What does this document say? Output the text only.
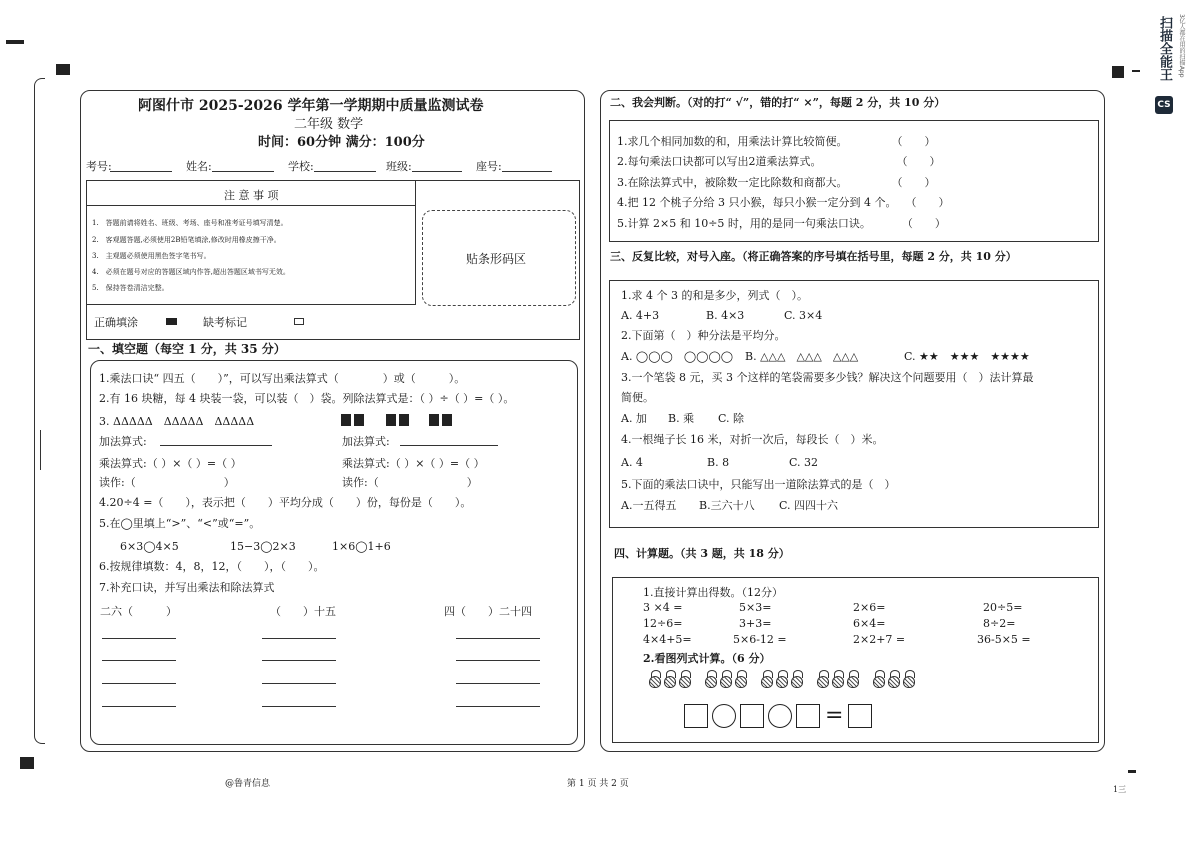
阿图什市 2025-2026 学年第一学期期中质量监测试卷
二年级 数学
时间：60分钟 满分：100分
考号:	姓名:	学校:	班级:	座号:
注 意 事 项
1.　答题前请将姓名、班级、考场、座号和准考证号填写清楚。
2.　客观题答题,必须使用2B铅笔填涂,修改时用橡皮擦干净。
3.　主观题必须使用黑色签字笔书写。
4.　必须在题号对应的答题区域内作答,超出答题区域书写无效。
5.　保持答卷清洁完整。
正确填涂	缺考标记
贴条形码区
一、填空题（每空 1 分，共 35 分）
1.乘法口诀“ 四五（　　）”，可以写出乘法算式（　　　　）或（　　　）。
2.有 16 块糖，每 4 块装一袋，可以装（　）袋。列除法算式是：（ ）÷（ ）=（ ）。
3. ΔΔΔΔΔ　ΔΔΔΔΔ　ΔΔΔΔΔ
加法算式:	加法算式:
乘法算式:（ ）×（ ）=（ ）	乘法算式:（ ）×（ ）=（ ）
读作:（　　　　　　　　）	读作:（　　　　　　　　）
4.20÷4 =（　　），表示把（　　）平均分成（　　）份，每份是（　　）。
5.在◯里填上“>”、“<”或“=”。
6×3◯4×5	15−3◯2×3	1×6◯1+6
6.按规律填数：4，8，12，（　　），（　　）。
7.补充口诀，并写出乘法和除法算式
二六（　　　）	（　　）十五	四（　　）二十四
二、我会判断。（对的打“ √”，错的打“ ×”，每题 2 分，共 10 分）
1.求几个相同加数的和，用乘法计算比较简便。　　　　　（　　）
2.每句乘法口诀都可以写出2道乘法算式。　　　　　　　 （　　）
3.在除法算式中，被除数一定比除数和商都大。　　　　　（　　）
4.把 12 个桃子分给 3 只小猴，每只小猴一定分到 4 个。　 （　　）
5.计算 2×5 和 10÷5 时，用的是同一句乘法口诀。　　　 （　　）
三、反复比较，对号入座。（将正确答案的序号填在括号里，每题 2 分，共 10 分）
1.求 4 个 3 的和是多少，列式（　）。
A. 4+3	B. 4×3	C. 3×4
2.下面第（　）种分法是平均分。
A. ◯◯◯　◯◯◯◯ B. △△△　△△△　△△△	C. ★★　★★★　★★★★
3.一个笔袋 8 元，买 3 个这样的笔袋需要多少钱？解决这个问题要用（　）法计算最
简便。
A. 加 B. 乘 C. 除
4.一根绳子长 16 米，对折一次后，每段长（　）米。
A. 4	B. 8	C. 32
5.下面的乘法口诀中，只能写出一道除法算式的是（　）
A.一五得五 B.三六十八 C. 四四十六
四、计算题。（共 3 题，共 18 分）
1.直接计算出得数。（12分）
3 ×4 =	5×3=	2×6=	20÷5=
12÷6=	3+3=	6×4=	8÷2=
4×4+5=	5×6-12 =	2×2+7 =	36-5×5 =
2.看图列式计算。（6 分）
=
@鲁青信息	第 1 页 共 2 页
1三
CS
扫描全能王 3亿人都在用的扫描App
